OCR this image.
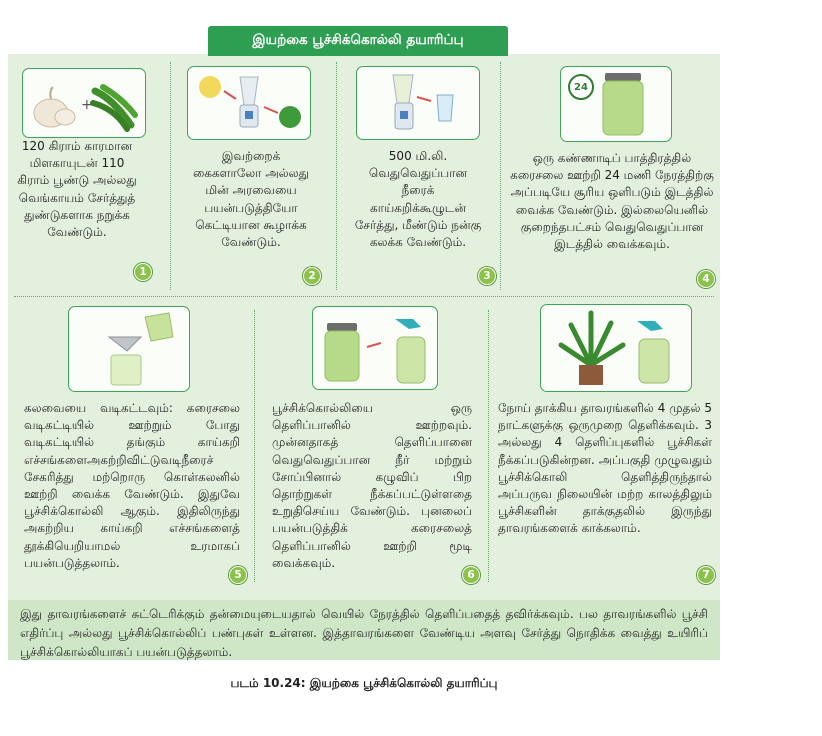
இயற்கை பூச்சிக்கொல்லி தயாரிப்பு
+
120 கிராம் காரமான மிளகாயுடன் 110 கிராம் பூண்டு அல்லது வெங்காயம் சேர்த்துத் துண்டுகளாக நறுக்க வேண்டும்.
1
இவற்றைக் கைகளாலோ அல்லது மின் அரவையை பயன்படுத்தியோ கெட்டியான கூழாக்க வேண்டும்.
2
500 மி.லி. வெதுவெதுப்பான நீரைக் காய்கறிக்கூழுடன் சேர்த்து, மீண்டும் நன்கு கலக்க வேண்டும்.
3
24
ஒரு கண்ணாடிப் பாத்திரத்தில் கரைசலை ஊற்றி 24 மணி நேரத்திற்கு அப்படியே சூரிய ஒளிபடும் இடத்தில் வைக்க வேண்டும். இல்லையெனில் குறைந்தபட்சம் வெதுவெதுப்பான இடத்தில் வைக்கவும்.
4
கலவையை வடிகட்டவும்: கரைசலை வடிகட்டியில் ஊற்றும் போது வடிகட்டியில் தங்கும் காய்கறி எச்சங்களைஅகற்றிவிட்டுவடிநீரைச் சேகரித்து மற்றொரு கொள்கலனில் ஊற்றி வைக்க வேண்டும். இதுவே பூச்சிக்கொல்லி ஆகும். இதிலிருந்து அகற்றிய காய்கறி எச்சங்களைத் தூக்கியெறியாமல் உரமாகப் பயன்படுத்தலாம்.
5
பூச்சிக்கொல்லியை ஒரு தெளிப்பானில் ஊற்றவும். முன்னதாகத் தெளிப்பானை வெதுவெதுப்பான நீர் மற்றும் சோப்பினால் கழுவிப் பிற தொற்றுகள் நீக்கப்பட்டுள்ளதை உறுதிசெய்ய வேண்டும். புனலைப் பயன்படுத்திக் கரைசலைத் தெளிப்பானில் ஊற்றி மூடி வைக்கவும்.
6
நோய் தாக்கிய தாவரங்களில் 4 முதல் 5 நாட்களுக்கு ஒருமுறை தெளிக்கவும். 3 அல்லது 4 தெளிப்புகளில் பூச்சிகள் நீக்கப்படுகின்றன. அப்பகுதி முழுவதும் பூச்சிக்கொலி தெளித்திருந்தால் அப்பருவ நிலையின் மற்ற காலத்திலும் பூச்சிகளின் தாக்குதலில் இருந்து தாவரங்களைக் காக்கலாம்.
7
இது தாவரங்களைச் சுட்டெரிக்கும் தன்மையுடையதால் வெயில் நேரத்தில் தெளிப்பதைத் தவிர்க்கவும். பல தாவரங்களில் பூச்சி எதிர்ப்பு அல்லது பூச்சிக்கொல்லிப் பண்புகள் உள்ளன. இத்தாவரங்களை வேண்டிய அளவு சேர்த்து நொதிக்க வைத்து உயிரிப் பூச்சிக்கொல்லியாகப் பயன்படுத்தலாம்.
படம் 10.24: இயற்கை பூச்சிக்கொல்லி தயாரிப்பு
